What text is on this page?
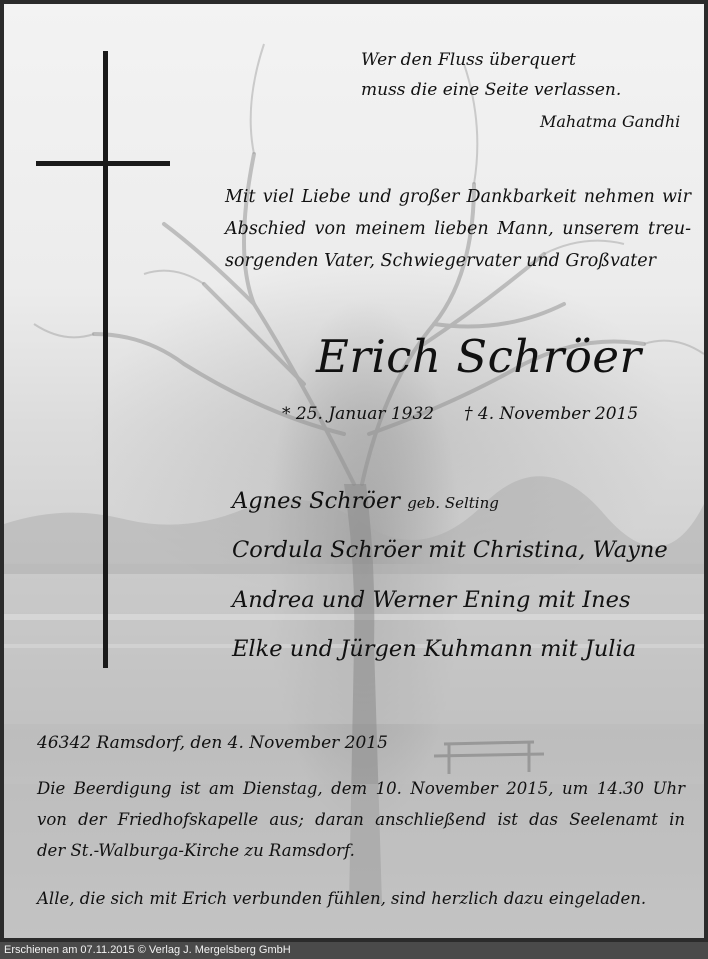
Wer den Fluss überquert
muss die eine Seite verlassen.
Mahatma Gandhi
Mit viel Liebe und großer Dankbarkeit nehmen wir
Abschied von meinem lieben Mann, unserem treu-
sorgenden Vater, Schwiegervater und Großvater
Erich Schröer
* 25. Januar 1932 † 4. November 2015
Agnes Schröer geb. Selting
Cordula Schröer mit Christina, Wayne
Andrea und Werner Ening mit Ines
Elke und Jürgen Kuhmann mit Julia
46342 Ramsdorf, den 4. November 2015
Die Beerdigung ist am Dienstag, dem 10. November 2015, um 14.30 Uhr
von der Friedhofskapelle aus; daran anschließend ist das Seelenamt in
der St.-Walburga-Kirche zu Ramsdorf.
Alle, die sich mit Erich verbunden fühlen, sind herzlich dazu eingeladen.
Erschienen am 07.11.2015 © Verlag J. Mergelsberg GmbH
